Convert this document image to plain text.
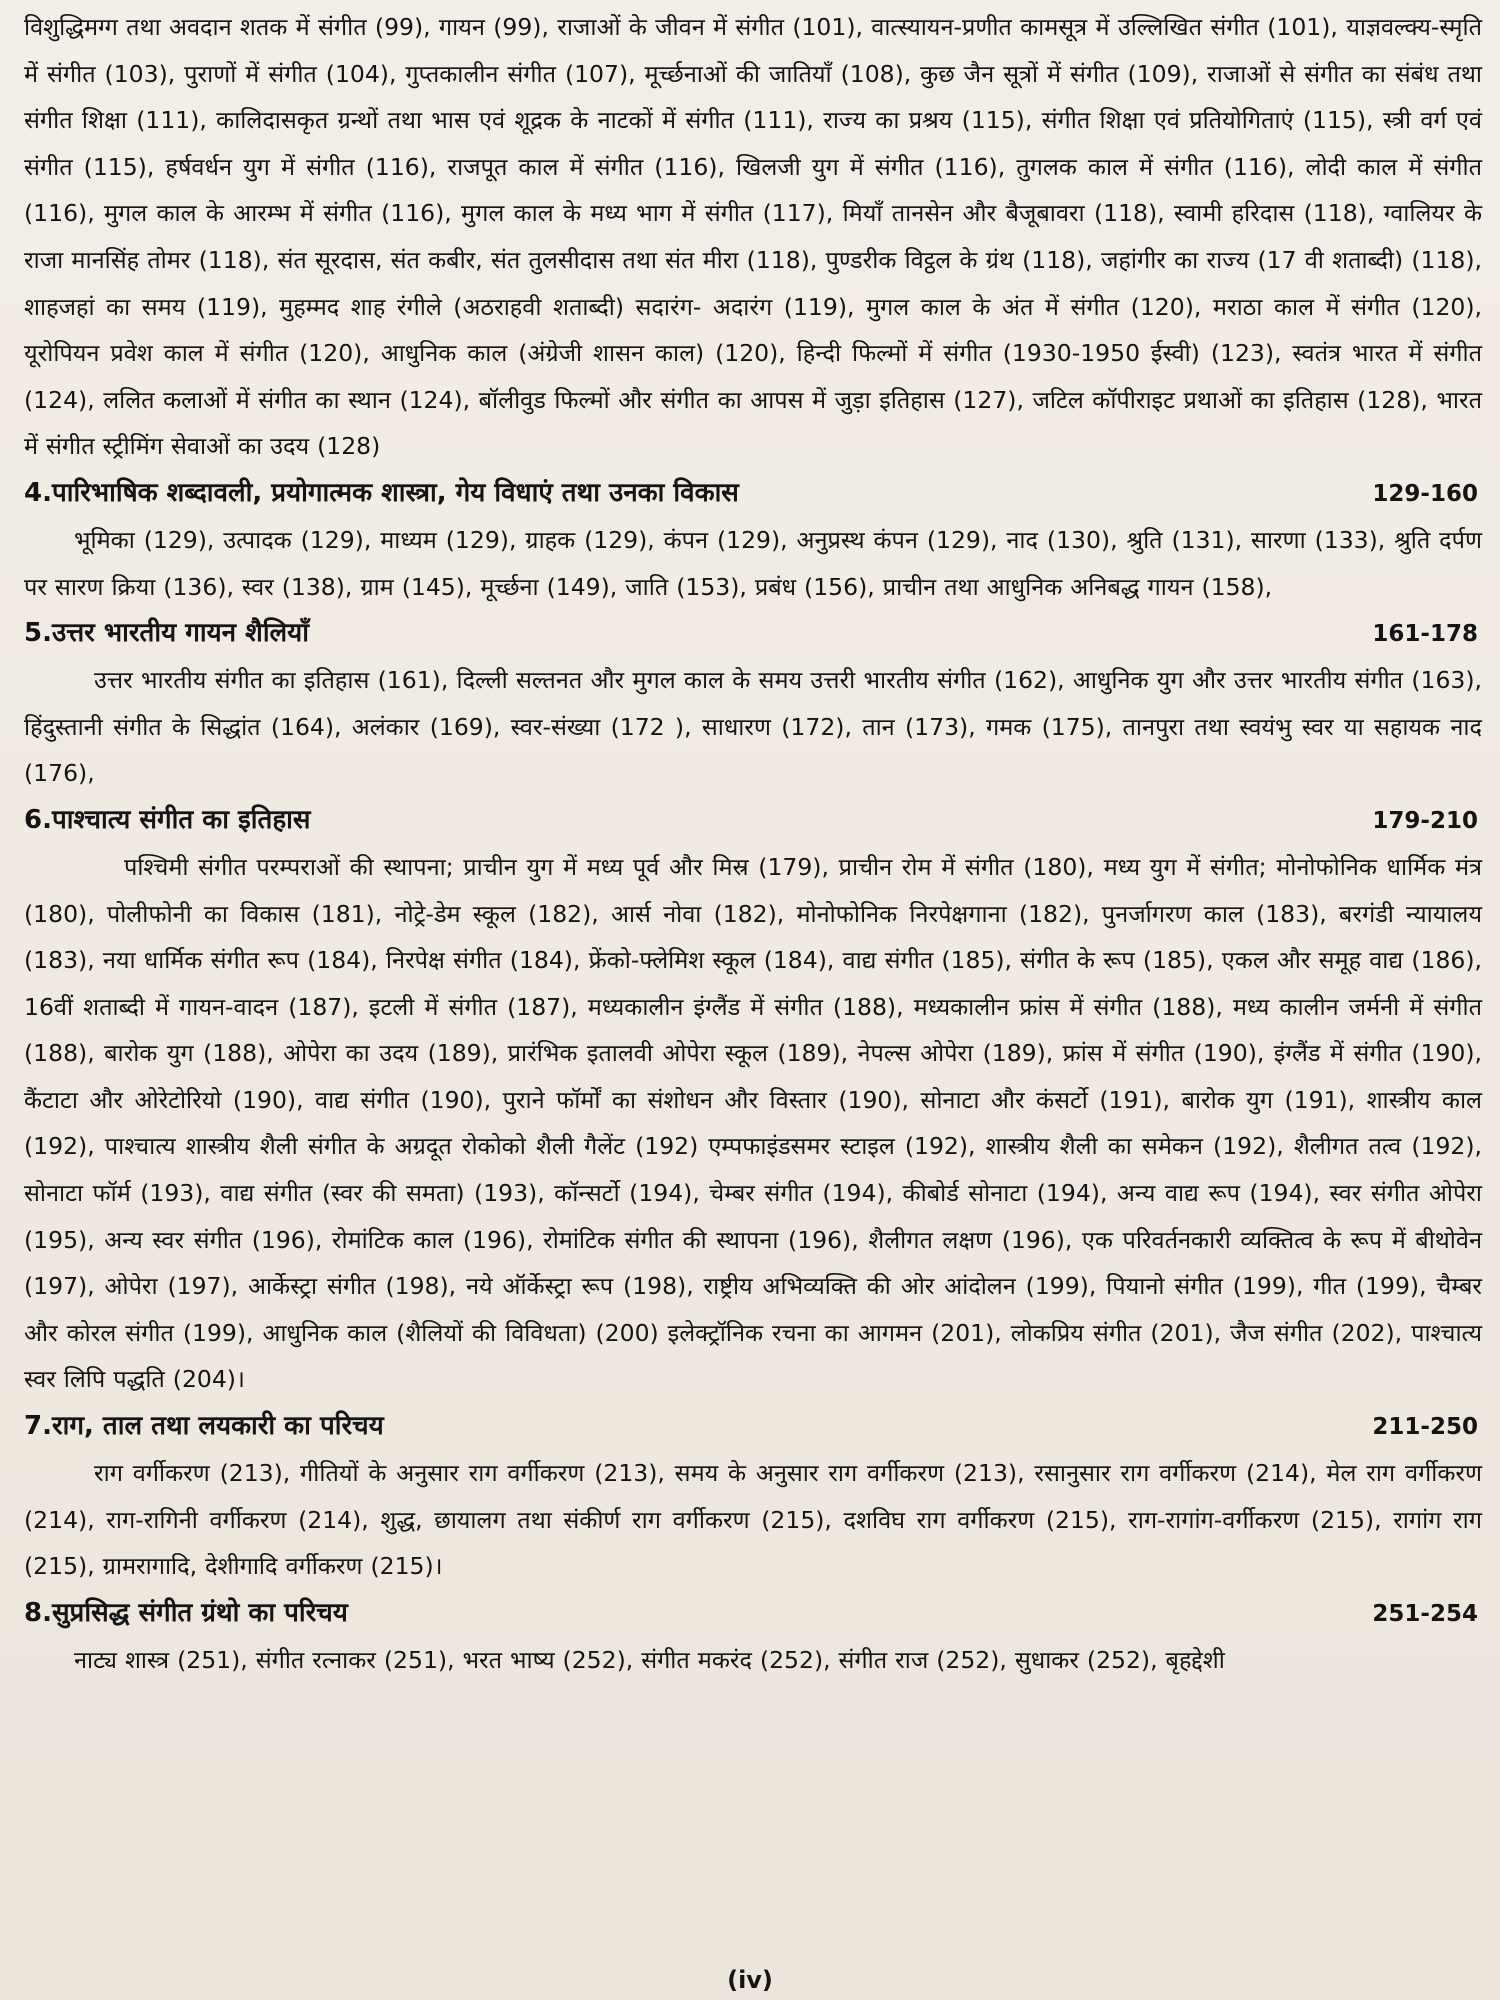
विशुद्धिमग्ग तथा अवदान शतक में संगीत (99), गायन (99), राजाओं के जीवन में संगीत (101), वात्स्यायन-प्रणीत कामसूत्र में उल्लिखित संगीत (101), याज्ञवल्क्य-स्मृति में संगीत (103), पुराणों में संगीत (104), गुप्तकालीन संगीत (107), मूर्च्छनाओं की जातियाँ (108), कुछ जैन सूत्रों में संगीत (109), राजाओं से संगीत का संबंध तथा संगीत शिक्षा (111), कालिदासकृत ग्रन्थों तथा भास एवं शूद्रक के नाटकों में संगीत (111), राज्य का प्रश्रय (115), संगीत शिक्षा एवं प्रतियोगिताएं (115), स्त्री वर्ग एवं संगीत (115), हर्षवर्धन युग में संगीत (116), राजपूत काल में संगीत (116), खिलजी युग में संगीत (116), तुगलक काल में संगीत (116), लोदी काल में संगीत (116), मुगल काल के आरम्भ में संगीत (116), मुगल काल के मध्य भाग में संगीत (117), मियाँ तानसेन और बैजूबावरा (118), स्वामी हरिदास (118), ग्वालियर के राजा मानसिंह तोमर (118), संत सूरदास, संत कबीर, संत तुलसीदास तथा संत मीरा (118), पुण्डरीक विट्ठल के ग्रंथ (118), जहांगीर का राज्य (17 वी शताब्दी) (118), शाहजहां का समय (119), मुहम्मद शाह रंगीले (अठराहवी शताब्दी) सदारंग- अदारंग (119), मुगल काल के अंत में संगीत (120), मराठा काल में संगीत (120), यूरोपियन प्रवेश काल में संगीत (120), आधुनिक काल (अंग्रेजी शासन काल) (120), हिन्दी फिल्मों में संगीत (1930-1950 ईस्वी) (123), स्वतंत्र भारत में संगीत (124), ललित कलाओं में संगीत का स्थान (124), बॉलीवुड फिल्मों और संगीत का आपस में जुड़ा इतिहास (127), जटिल कॉपीराइट प्रथाओं का इतिहास (128), भारत में संगीत स्ट्रीमिंग सेवाओं का उदय (128)

4.पारिभाषिक शब्दावली, प्रयोगात्मक शास्त्रा, गेय विधाएं तथा उनका विकास	129-160

भूमिका (129), उत्पादक (129), माध्यम (129), ग्राहक (129), कंपन (129), अनुप्रस्थ कंपन (129), नाद (130), श्रुति (131), सारणा (133), श्रुति दर्पण पर सारण क्रिया (136), स्वर (138), ग्राम (145), मूर्च्छना (149), जाति (153), प्रबंध (156), प्राचीन तथा आधुनिक अनिबद्ध गायन (158),

5.उत्तर भारतीय गायन शैलियाँ	161-178

उत्तर भारतीय संगीत का इतिहास (161), दिल्ली सल्तनत और मुगल काल के समय उत्तरी भारतीय संगीत (162), आधुनिक युग और उत्तर भारतीय संगीत (163), हिंदुस्तानी संगीत के सिद्धांत (164), अलंकार (169), स्वर-संख्या (172 ), साधारण (172), तान (173), गमक (175), तानपुरा तथा स्वयंभु स्वर या सहायक नाद (176),

6.पाश्चात्य संगीत का इतिहास	179-210

पश्चिमी संगीत परम्पराओं की स्थापना; प्राचीन युग में मध्य पूर्व और मिस्र (179), प्राचीन रोम में संगीत (180), मध्य युग में संगीत; मोनोफोनिक धार्मिक मंत्र (180), पोलीफोनी का विकास (181), नोट्रे-डेम स्कूल (182), आर्स नोवा (182), मोनोफोनिक निरपेक्षगाना (182), पुनर्जागरण काल (183), बरगंडी न्यायालय (183), नया धार्मिक संगीत रूप (184), निरपेक्ष संगीत (184), फ्रेंको-फ्लेमिश स्कूल (184), वाद्य संगीत (185), संगीत के रूप (185), एकल और समूह वाद्य (186), 16वीं शताब्दी में गायन-वादन (187), इटली में संगीत (187), मध्यकालीन इंग्लैंड में संगीत (188), मध्यकालीन फ्रांस में संगीत (188), मध्य कालीन जर्मनी में संगीत (188), बारोक युग (188), ओपेरा का उदय (189), प्रारंभिक इतालवी ओपेरा स्कूल (189), नेपल्स ओपेरा (189), फ्रांस में संगीत (190), इंग्लैंड में संगीत (190), कैंटाटा और ओरेटोरियो (190), वाद्य संगीत (190), पुराने फॉर्मों का संशोधन और विस्तार (190), सोनाटा और कंसर्टो (191), बारोक युग (191), शास्त्रीय काल (192), पाश्चात्य शास्त्रीय शैली संगीत के अग्रदूत रोकोको शैली गैलेंट (192) एम्पफाइंडसमर स्टाइल (192), शास्त्रीय शैली का समेकन (192), शैलीगत तत्व (192), सोनाटा फॉर्म (193), वाद्य संगीत (स्वर की समता) (193), कॉन्सर्टो (194), चेम्बर संगीत (194), कीबोर्ड सोनाटा (194), अन्य वाद्य रूप (194), स्वर संगीत ओपेरा (195), अन्य स्वर संगीत (196), रोमांटिक काल (196), रोमांटिक संगीत की स्थापना (196), शैलीगत लक्षण (196), एक परिवर्तनकारी व्यक्तित्व के रूप में बीथोवेन (197), ओपेरा (197), आर्केस्ट्रा संगीत (198), नये ऑर्केस्ट्रा रूप (198), राष्ट्रीय अभिव्यक्ति की ओर आंदोलन (199), पियानो संगीत (199), गीत (199), चैम्बर और कोरल संगीत (199), आधुनिक काल (शैलियों की विविधता) (200) इलेक्ट्रॉनिक रचना का आगमन (201), लोकप्रिय संगीत (201), जैज संगीत (202), पाश्चात्य स्वर लिपि पद्धति (204)।

7.राग, ताल तथा लयकारी का परिचय	211-250

राग वर्गीकरण (213), गीतियों के अनुसार राग वर्गीकरण (213), समय के अनुसार राग वर्गीकरण (213), रसानुसार राग वर्गीकरण (214), मेल राग वर्गीकरण (214), राग-रागिनी वर्गीकरण (214), शुद्ध, छायालग तथा संकीर्ण राग वर्गीकरण (215), दशविघ राग वर्गीकरण (215), राग-रागांग-वर्गीकरण (215), रागांग राग (215), ग्रामरागादि, देशीगादि वर्गीकरण (215)।

8.सुप्रसिद्ध संगीत ग्रंथो का परिचय	251-254

नाट्य शास्त्र (251), संगीत रत्नाकर (251), भरत भाष्य (252), संगीत मकरंद (252), संगीत राज (252), सुधाकर (252), बृहद्देशी

(iv)
